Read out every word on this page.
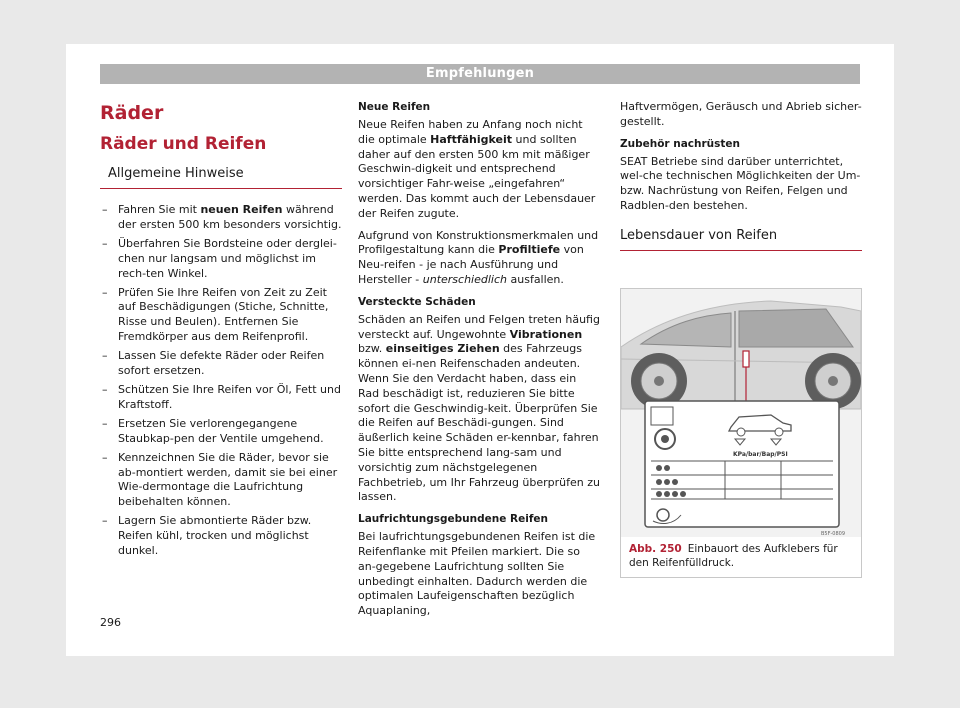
Empfehlungen
Räder
Räder und Reifen
Allgemeine Hinweise
– Fahren Sie mit neuen Reifen während der ersten 500 km besonders vorsichtig.
– Überfahren Sie Bordsteine oder derglei-chen nur langsam und möglichst im rech-ten Winkel.
– Prüfen Sie Ihre Reifen von Zeit zu Zeit auf Beschädigungen (Stiche, Schnitte, Risse und Beulen). Entfernen Sie Fremdkörper aus dem Reifenprofil.
– Lassen Sie defekte Räder oder Reifen sofort ersetzen.
– Schützen Sie Ihre Reifen vor Öl, Fett und Kraftstoff.
– Ersetzen Sie verlorengegangene Staubkap-pen der Ventile umgehend.
– Kennzeichnen Sie die Räder, bevor sie ab-montiert werden, damit sie bei einer Wie-dermontage die Laufrichtung beibehalten können.
– Lagern Sie abmontierte Räder bzw. Reifen kühl, trocken und möglichst dunkel.

Neue Reifen

Neue Reifen haben zu Anfang noch nicht die optimale Haftfähigkeit und sollten daher auf den ersten 500 km mit mäßiger Geschwin-digkeit und entsprechend vorsichtiger Fahr-weise „eingefahren“ werden. Das kommt auch der Lebensdauer der Reifen zugute.

Aufgrund von Konstruktionsmerkmalen und Profilgestaltung kann die Profiltiefe von Neu-reifen - je nach Ausführung und Hersteller - unterschiedlich ausfallen.

Versteckte Schäden

Schäden an Reifen und Felgen treten häufig versteckt auf. Ungewohnte Vibrationen bzw. einseitiges Ziehen des Fahrzeugs können ei-nen Reifenschaden andeuten. Wenn Sie den Verdacht haben, dass ein Rad beschädigt ist, reduzieren Sie bitte sofort die Geschwindig-keit. Überprüfen Sie die Reifen auf Beschädi-gungen. Sind äußerlich keine Schäden er-kennbar, fahren Sie bitte entsprechend lang-sam und vorsichtig zum nächstgelegenen Fachbetrieb, um Ihr Fahrzeug überprüfen zu lassen.

Laufrichtungsgebundene Reifen

Bei laufrichtungsgebundenen Reifen ist die Reifenflanke mit Pfeilen markiert. Die so an-gegebene Laufrichtung sollten Sie unbedingt einhalten. Dadurch werden die optimalen Laufeigenschaften bezüglich Aquaplaning,

Haftvermögen, Geräusch und Abrieb sicher-gestellt.

Zubehör nachrüsten

SEAT Betriebe sind darüber unterrichtet, wel-che technischen Möglichkeiten der Um- bzw. Nachrüstung von Reifen, Felgen und Radblen-den bestehen.

Lebensdauer von Reifen
KPa/bar/Bap/PSI
B5F-0809
Abb. 250 Einbauort des Aufklebers für den Reifenfülldruck.
296
